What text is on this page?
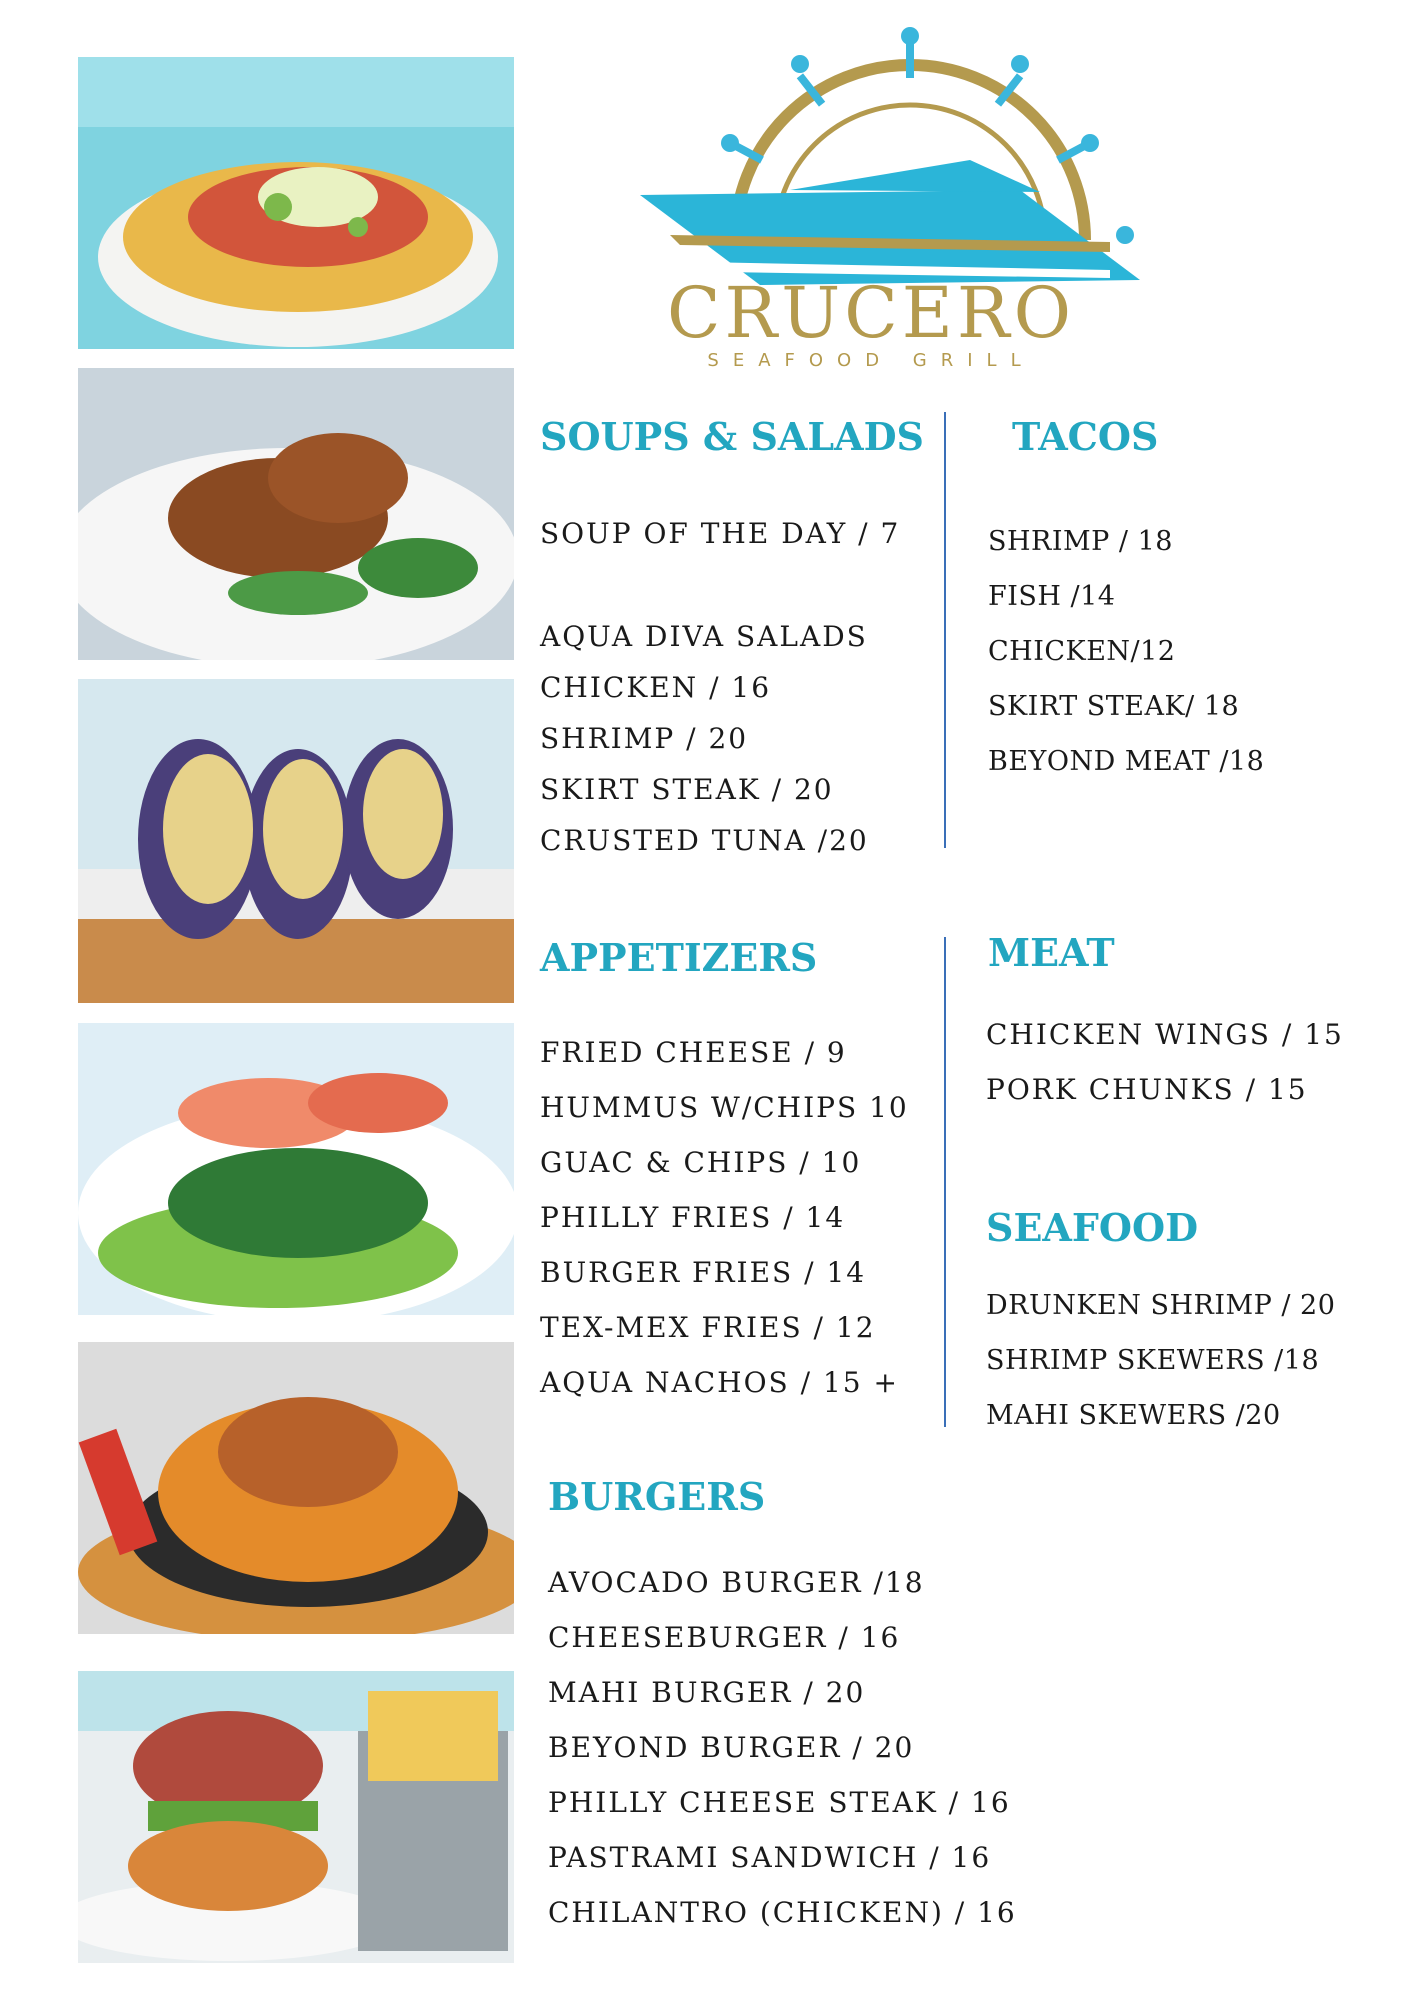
CRUCERO
SEAFOOD GRILL
SOUPS & SALADS
SOUP OF THE DAY / 7
AQUA DIVA SALADS
CHICKEN / 16
SHRIMP / 20
SKIRT STEAK / 20
CRUSTED TUNA /20
TACOS
SHRIMP / 18
FISH /14
CHICKEN/12
SKIRT STEAK/ 18
BEYOND MEAT /18
APPETIZERS
FRIED CHEESE / 9
HUMMUS W/CHIPS 10
GUAC & CHIPS / 10
PHILLY FRIES / 14
BURGER FRIES / 14
TEX-MEX FRIES / 12
AQUA NACHOS / 15 +
MEAT
CHICKEN WINGS / 15
PORK CHUNKS / 15
SEAFOOD
DRUNKEN SHRIMP / 20
SHRIMP SKEWERS /18
MAHI SKEWERS /20
BURGERS
AVOCADO BURGER /18
CHEESEBURGER / 16
MAHI BURGER / 20
BEYOND BURGER / 20
PHILLY CHEESE STEAK / 16
PASTRAMI SANDWICH / 16
CHILANTRO (CHICKEN) / 16
